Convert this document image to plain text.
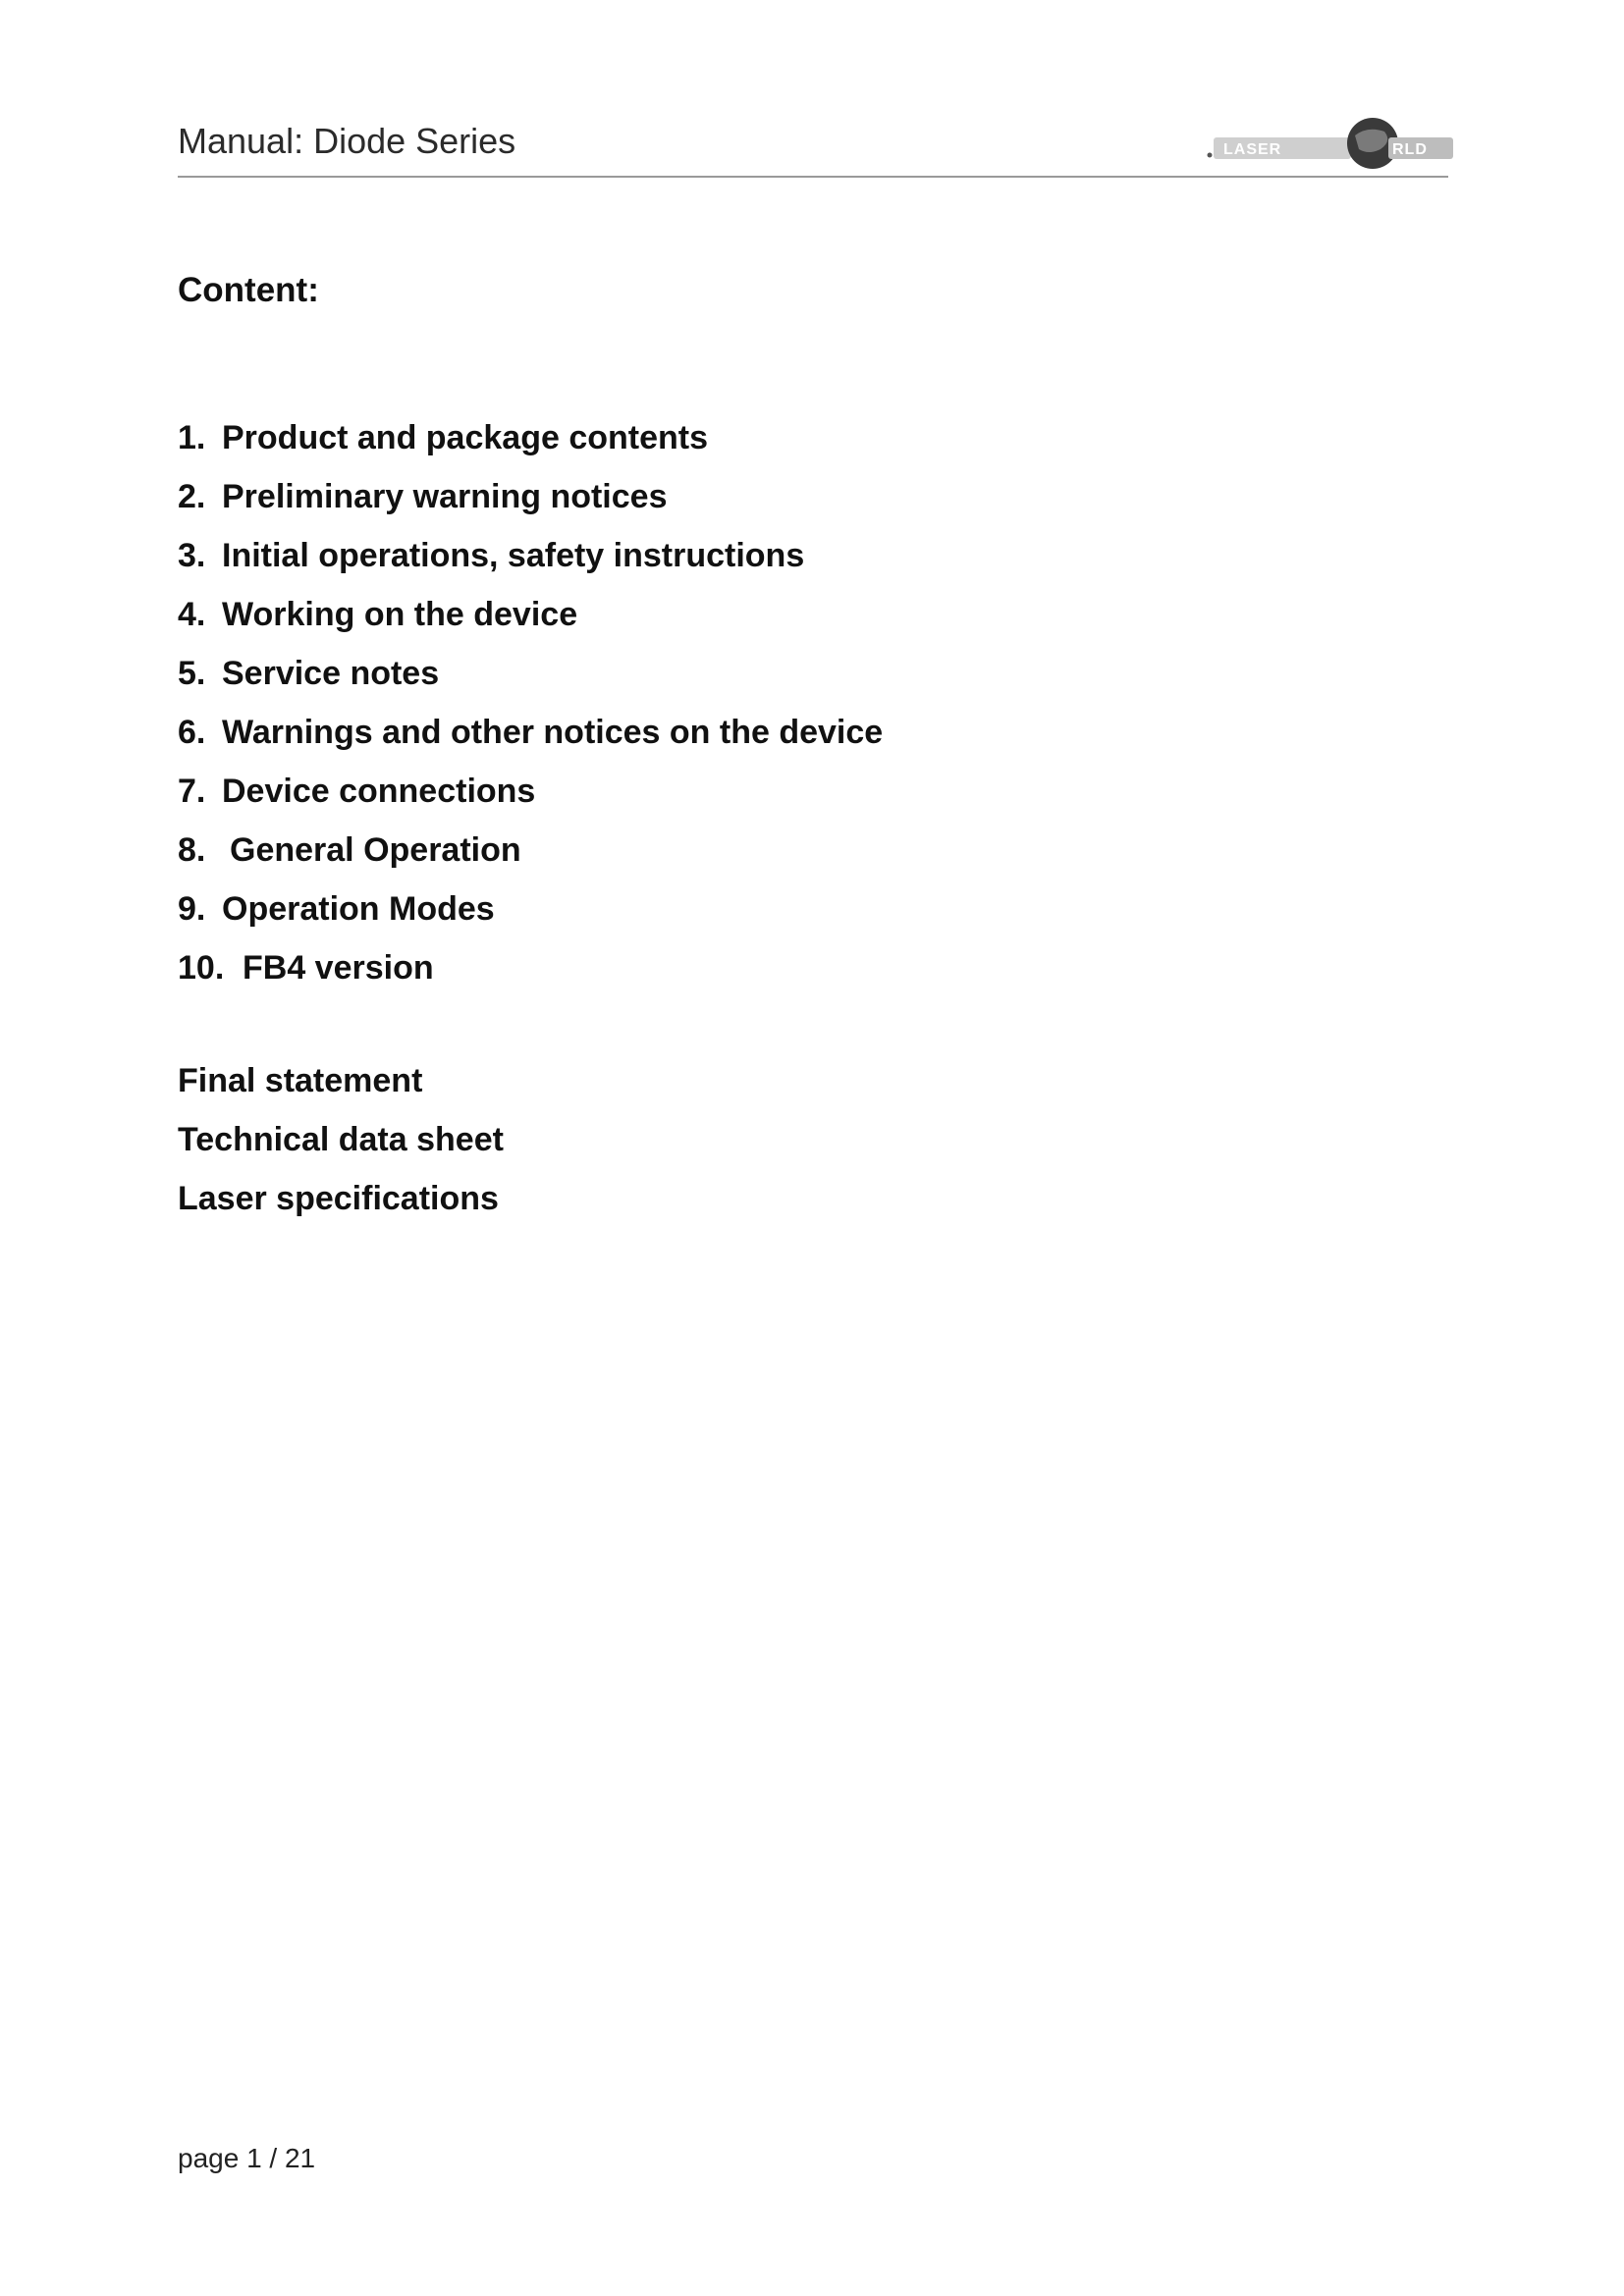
Manual: Diode Series	LASER	RLD
Content:
1. Product and package contents
2. Preliminary warning notices
3. Initial operations, safety instructions
4. Working on the device
5. Service notes
6. Warnings and other notices on the device
7. Device connections
8. General Operation
9. Operation Modes
10. FB4 version
Final statement
Technical data sheet
Laser specifications
page 1 / 21
